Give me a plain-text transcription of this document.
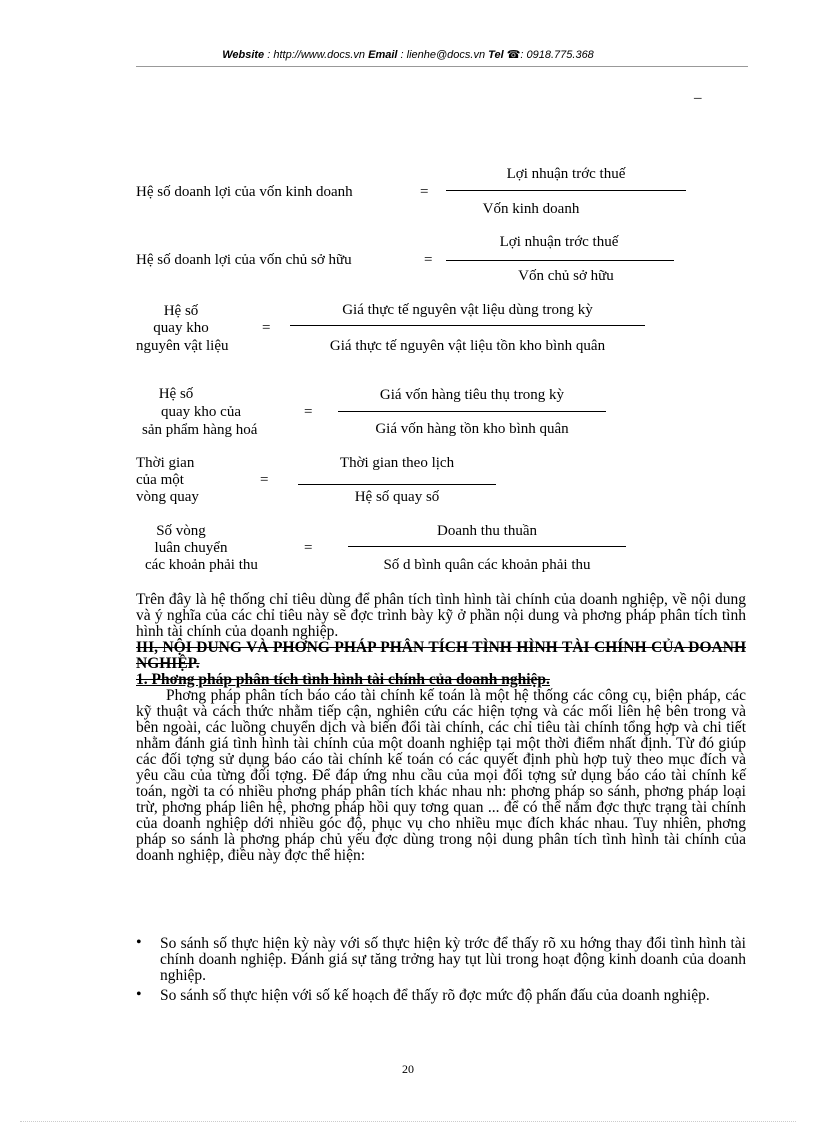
Website : http://www.docs.vn Email : lienhe@docs.vn Tel ☎: 0918.775.368
_
Hệ số doanh lợi của vốn kinh doanh	=
Lợi nhuận trớc thuế
Vốn kinh doanh
Hệ số doanh lợi của vốn chủ sở hữu	=
Lợi nhuận trớc thuế
Vốn chủ sở hữu
Hệ số
quay kho
nguyên vật liệu
=
Giá thực tế nguyên vật liệu dùng trong kỳ
Giá thực tế nguyên vật liệu tồn kho bình quân
Hệ số
quay kho của
sản phẩm hàng hoá
=
Giá vốn hàng tiêu thụ trong kỳ
Giá vốn hàng tồn kho bình quân
Thời gian
của một
vòng quay
=
Thời gian theo lịch
Hệ số quay số
Số vòng
luân chuyển
các khoản phải thu
=
Doanh thu thuần
Số d bình quân các khoản phải thu

Trên đây là hệ thống chỉ tiêu dùng để phân tích tình hình tài chính của doanh nghiệp, về nội dung và ý nghĩa của các chỉ tiêu này sẽ đợc trình bày kỹ ở phần nội dung và phơng pháp phân tích tình hình tài chính của doanh nghiệp.

III, NỘI DUNG VÀ PHƠNG PHÁP PHÂN TÍCH TÌNH HÌNH TÀI CHÍNH CỦA DOANH NGHIỆP.

1. Phơng pháp phân tích tình hình tài chính của doanh nghiệp.

Phơng pháp phân tích báo cáo tài chính kế toán là một hệ thống các công cụ, biện pháp, các kỹ thuật và cách thức nhằm tiếp cận, nghiên cứu các hiện tợng và các mối liên hệ bên trong và bên ngoài, các luồng chuyển dịch và biến đổi tài chính, các chỉ tiêu tài chính tổng hợp và chi tiết nhằm đánh giá tình hình tài chính của một doanh nghiệp tại một thời điểm nhất định. Từ đó giúp các đối tợng sử dụng báo cáo tài chính kế toán có các quyết định phù hợp tuỳ theo mục đích và yêu cầu của từng đối tợng. Để đáp ứng nhu cầu của mọi đối tợng sử dụng báo cáo tài chính kế toán, ngời ta có nhiều phơng pháp phân tích khác nhau nh: phơng pháp so sánh, phơng pháp loại trừ, phơng pháp liên hệ, phơng pháp hồi quy tơng quan ... để có thể nắm đợc thực trạng tài chính của doanh nghiệp dới nhiều góc độ, phục vụ cho nhiều mục đích khác nhau. Tuy nhiên, phơng pháp so sánh là phơng pháp chủ yếu đợc dùng trong nội dung phân tích tình hình tài chính của doanh nghiệp, điều này đợc thể hiện:

• So sánh số thực hiện kỳ này với số thực hiện kỳ trớc để thấy rõ xu hớng thay đổi tình hình tài chính doanh nghiệp. Đánh giá sự tăng trởng hay tụt lùi trong hoạt động kinh doanh của doanh nghiệp.
• So sánh số thực hiện với số kế hoạch để thấy rõ đợc mức độ phấn đấu của doanh nghiệp.
20
